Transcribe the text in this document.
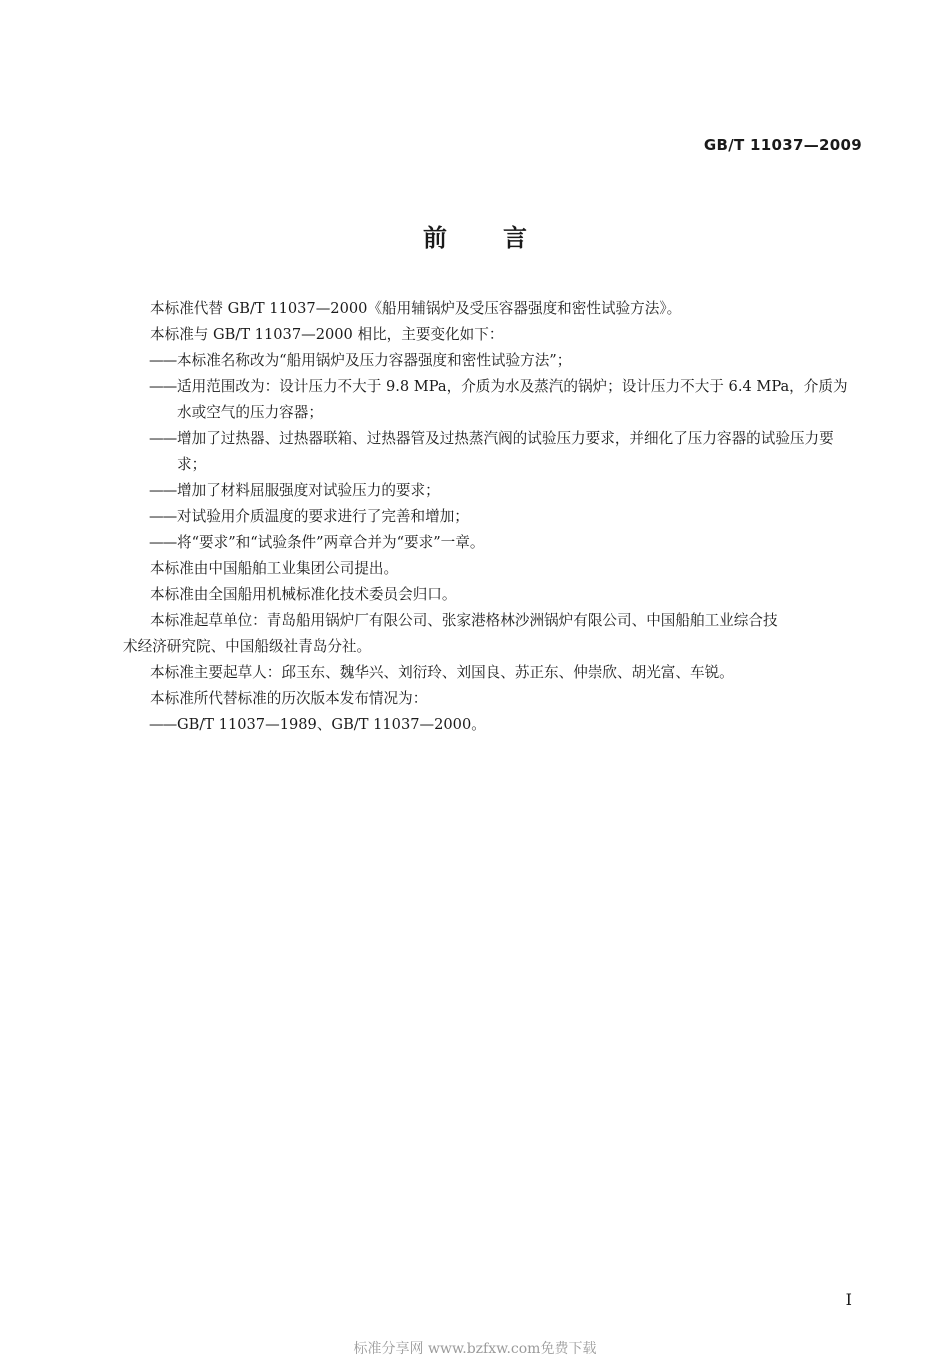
GB/T 11037—2009
前 言

本标准代替 GB/T 11037—2000《船用辅锅炉及受压容器强度和密性试验方法》。

本标准与 GB/T 11037—2000 相比，主要变化如下：

—— 本标准名称改为“船用锅炉及压力容器强度和密性试验方法”；

—— 适用范围改为：设计压力不大于 9.8 MPa，介质为水及蒸汽的锅炉；设计压力不大于 6.4 MPa，介质为水或空气的压力容器；

—— 增加了过热器、过热器联箱、过热器管及过热蒸汽阀的试验压力要求，并细化了压力容器的试验压力要求；

—— 增加了材料屈服强度对试验压力的要求；

—— 对试验用介质温度的要求进行了完善和增加；

—— 将“要求”和“试验条件”两章合并为“要求”一章。

本标准由中国船舶工业集团公司提出。

本标准由全国船用机械标准化技术委员会归口。

本标准起草单位：青岛船用锅炉厂有限公司、张家港格林沙洲锅炉有限公司、中国船舶工业综合技
术经济研究院、中国船级社青岛分社。

本标准主要起草人：邱玉东、魏华兴、刘衍玲、刘国良、苏正东、仲崇欣、胡光富、车锐。

本标准所代替标准的历次版本发布情况为：

—— GB/T 11037—1989、GB/T 11037—2000。

I
标准分享网 www.bzfxw.com免费下载
